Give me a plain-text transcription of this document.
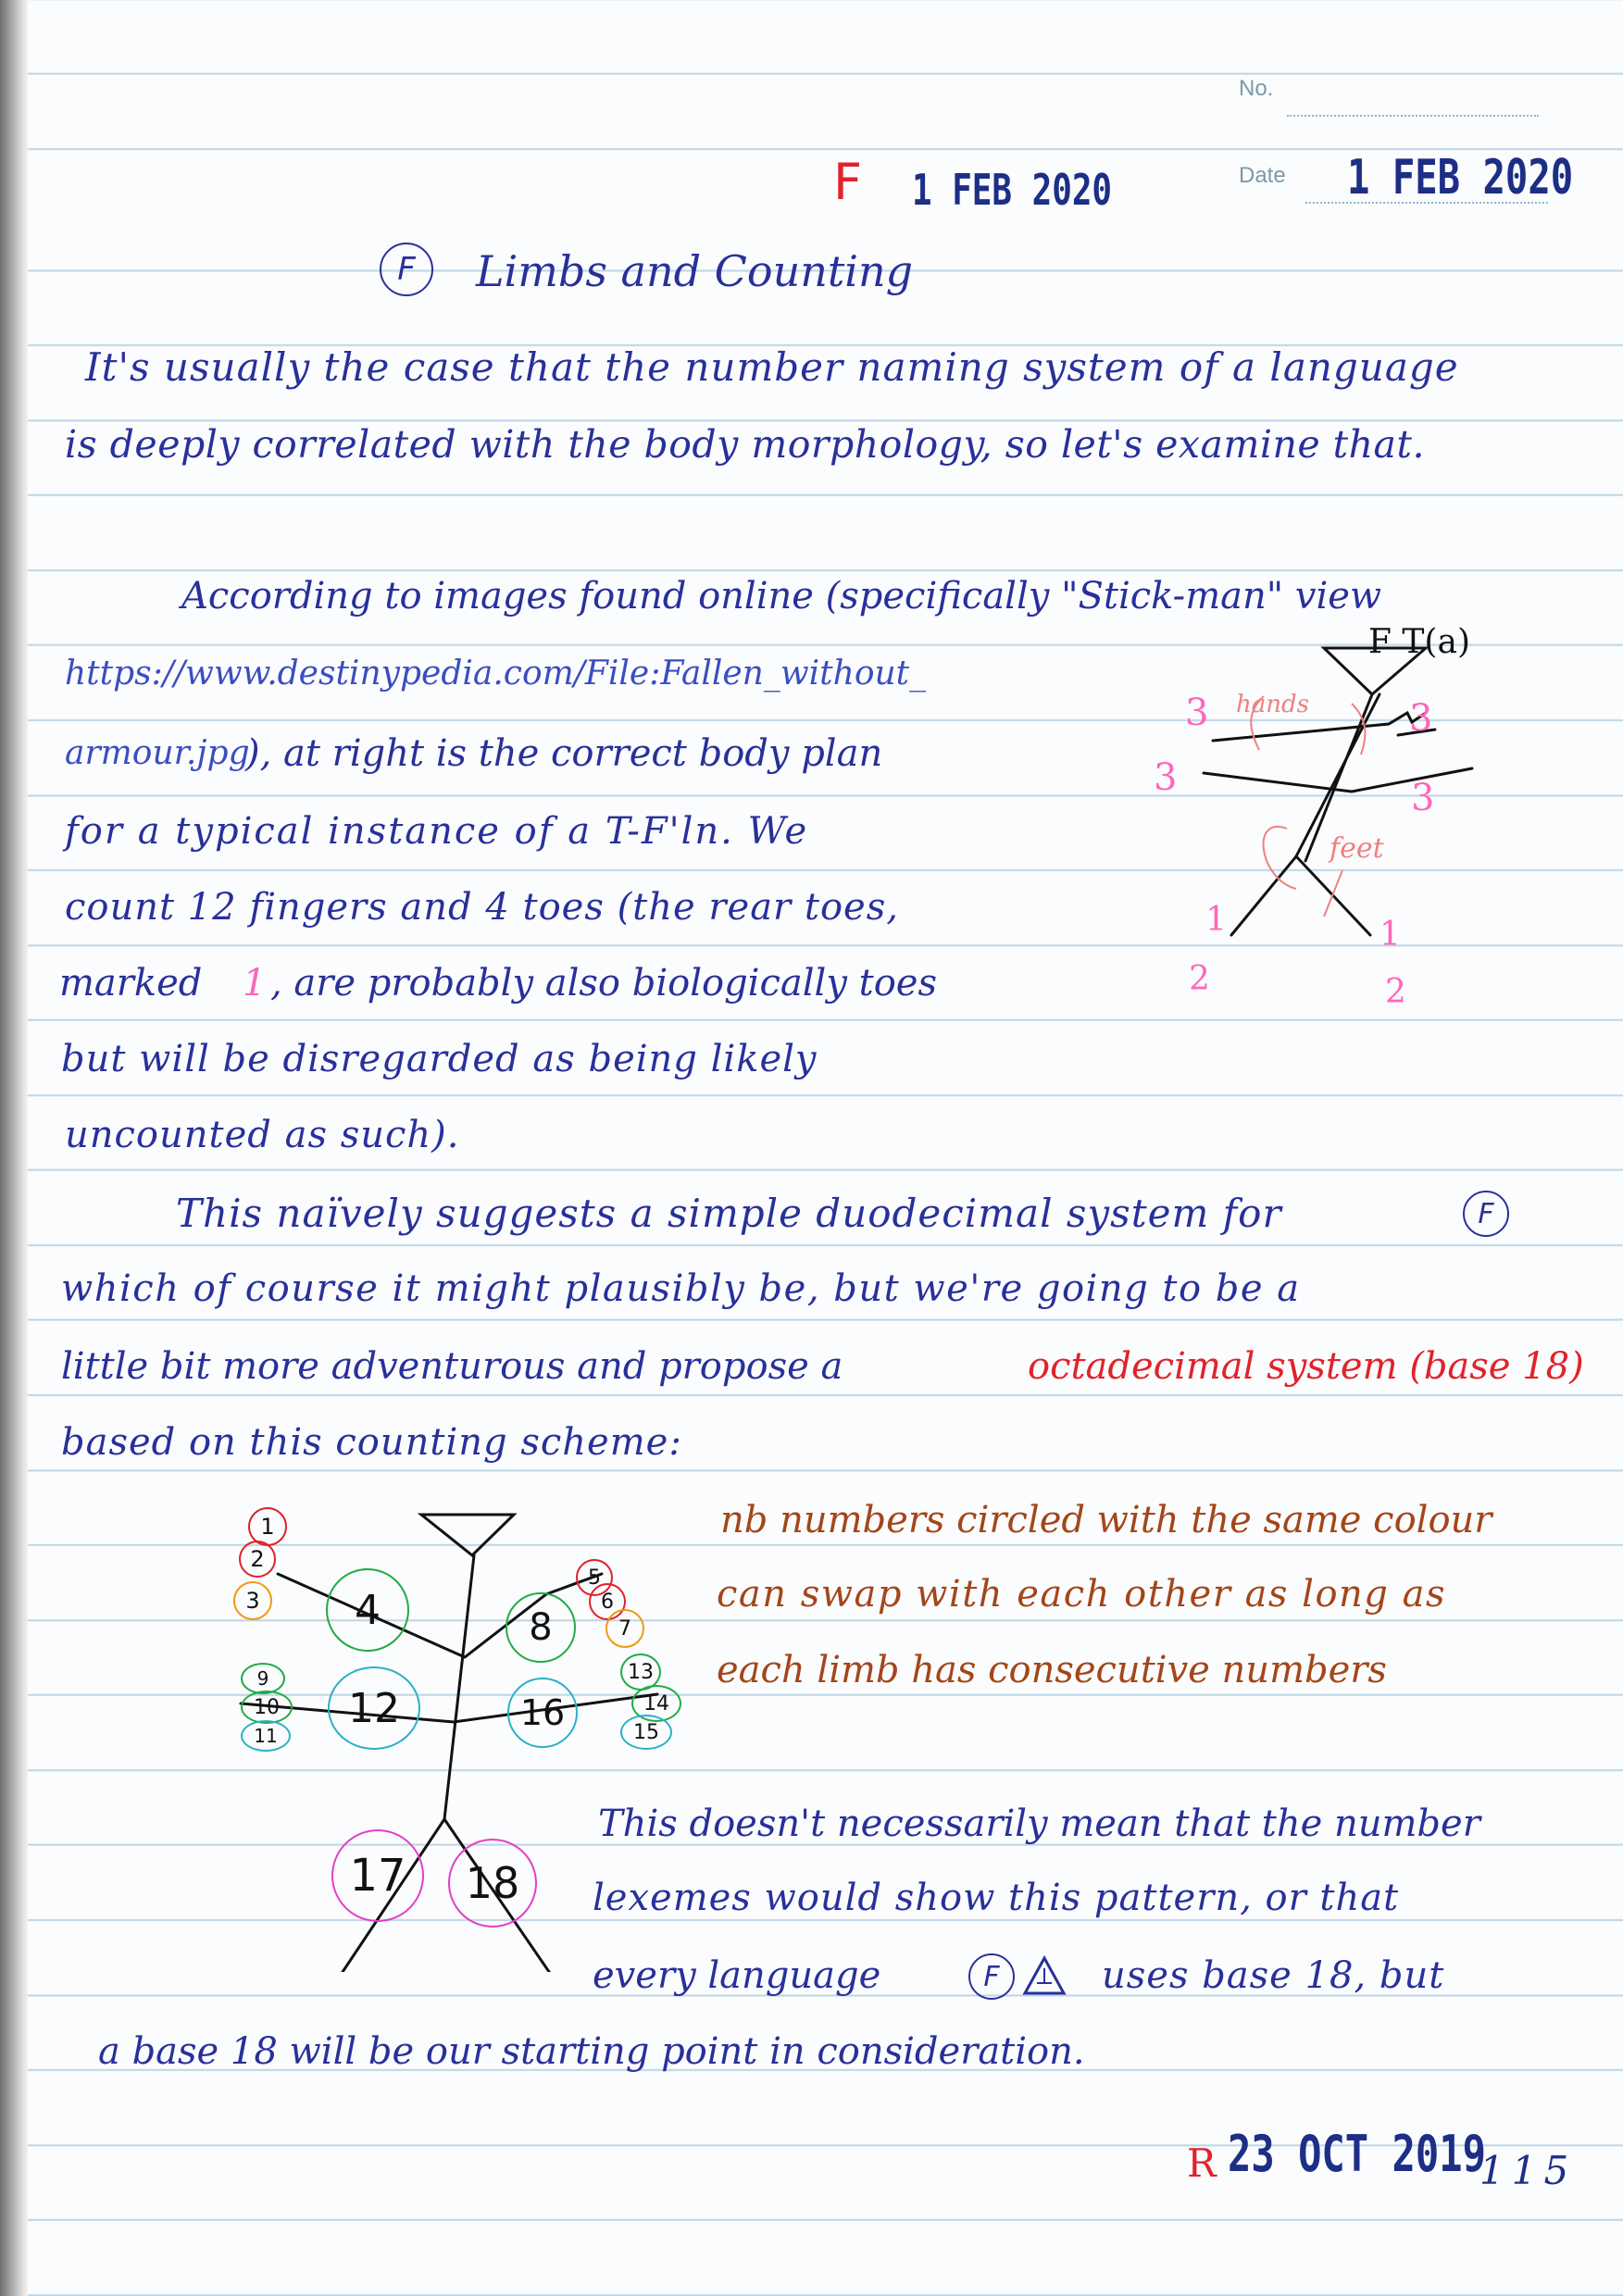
No.
Date 1 FEB 2020
F 1 FEB 2020
F	Limbs and Counting
It's usually the case that the number naming system of a language
is deeply correlated with the body morphology, so let's examine that.
According to images found online (specifically "Stick-man" view
https://www.destinypedia.com/File:Fallen_without_
armour.jpg
), at right is the correct body plan
for a typical instance of a T-F'ln. We
count 12 fingers and 4 toes (the rear toes,
marked 1 , are probably also biologically toes
but will be disregarded as being likely
uncounted as such).
F T(a)
hands
feet
3	3
3	3
1	1
2	2
This naïvely suggests a simple duodecimal system for	F
which of course it might plausibly be, but we're going to be a
little bit more adventurous and propose a	octadecimal system (base 18)
based on this counting scheme:
1
2
3	4
5
6
7
8
9
10
11
12
13
14
15
16
17	18
nb numbers circled with the same colour
can swap with each other as long as
each limb has consecutive numbers
This doesn't necessarily mean that the number
lexemes would show this pattern, or that
every language	F	uses base 18, but
a base 18 will be our starting point in consideration.
R 23 OCT 2019
115
